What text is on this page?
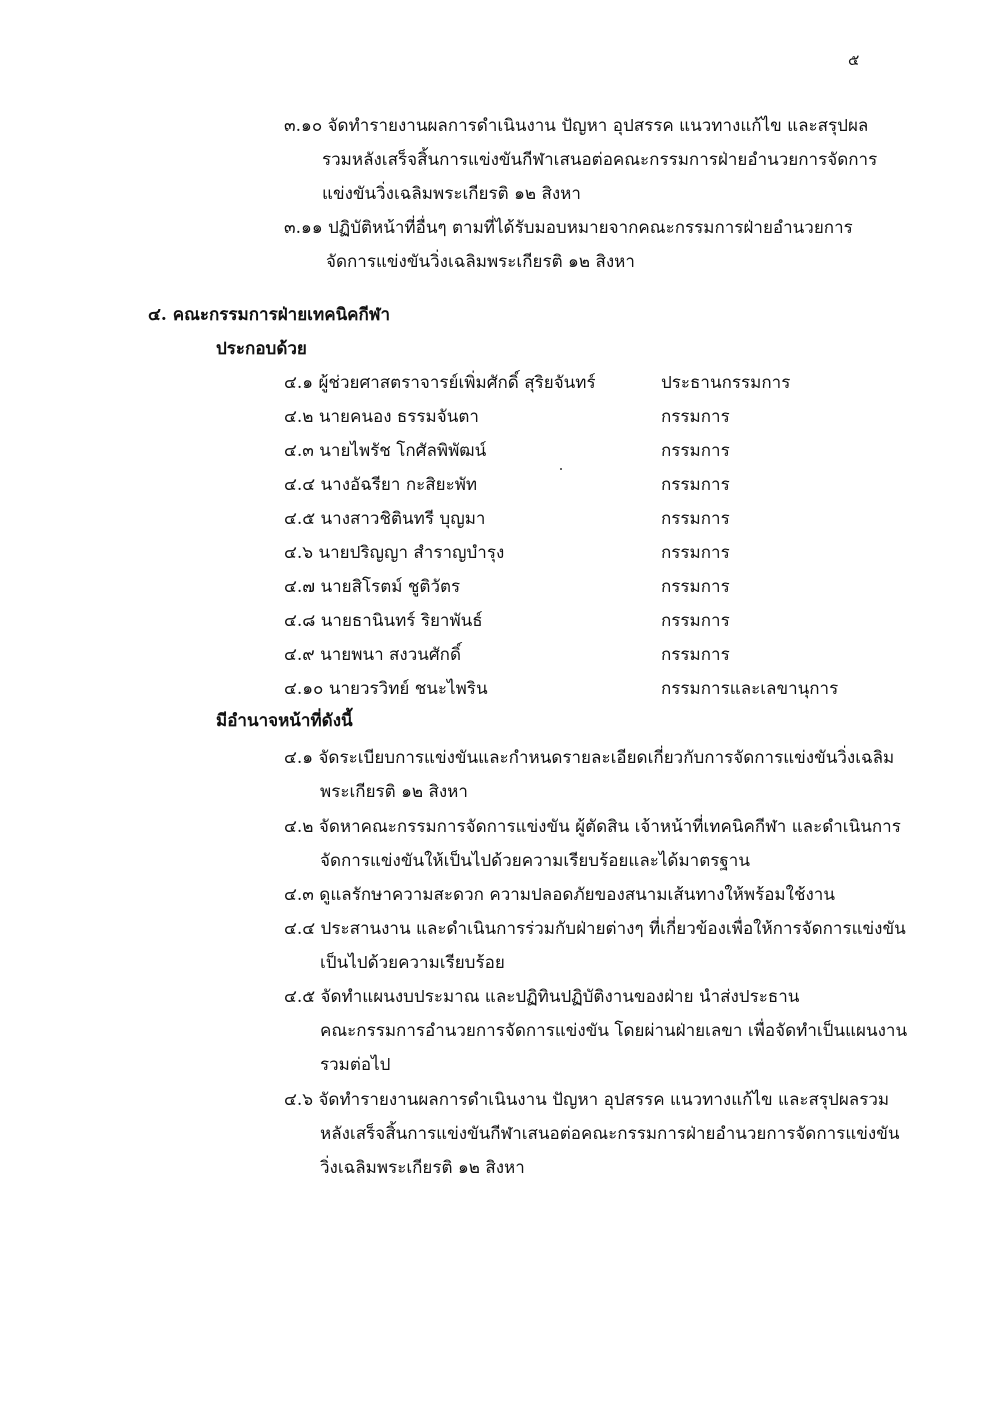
๕
๓.๑๐ จัดทำรายงานผลการดำเนินงาน ปัญหา อุปสรรค แนวทางแก้ไข และสรุปผล
รวมหลังเสร็จสิ้นการแข่งขันกีฬาเสนอต่อคณะกรรมการฝ่ายอำนวยการจัดการ
แข่งขันวิ่งเฉลิมพระเกียรติ ๑๒ สิงหา
๓.๑๑ ปฏิบัติหน้าที่อื่นๆ ตามที่ได้รับมอบหมายจากคณะกรรมการฝ่ายอำนวยการ
จัดการแข่งขันวิ่งเฉลิมพระเกียรติ ๑๒ สิงหา
๔. คณะกรรมการฝ่ายเทคนิคกีฬา
ประกอบด้วย
๔.๑ ผู้ช่วยศาสตราจารย์เพิ่มศักดิ์ สุริยจันทร์	ประธานกรรมการ
๔.๒ นายคนอง ธรรมจันตา	กรรมการ
๔.๓ นายไพรัช โกศัลพิพัฒน์	กรรมการ
๔.๔ นางอัฉรียา กะสิยะพัท	กรรมการ
๔.๕ นางสาวชิตินทรี บุญมา	กรรมการ
๔.๖ นายปริญญา สำราญบำรุง	กรรมการ
๔.๗ นายสิโรตม์ ชูติวัตร	กรรมการ
๔.๘ นายธานินทร์ ริยาพันธ์	กรรมการ
๔.๙ นายพนา สงวนศักดิ์	กรรมการ
๔.๑๐ นายวรวิทย์ ชนะไพริน	กรรมการและเลขานุการ
มีอำนาจหน้าที่ดังนี้
๔.๑ จัดระเบียบการแข่งขันและกำหนดรายละเอียดเกี่ยวกับการจัดการแข่งขันวิ่งเฉลิม
พระเกียรติ ๑๒ สิงหา
๔.๒ จัดหาคณะกรรมการจัดการแข่งขัน ผู้ตัดสิน เจ้าหน้าที่เทคนิคกีฬา และดำเนินการ
จัดการแข่งขันให้เป็นไปด้วยความเรียบร้อยและได้มาตรฐาน
๔.๓ ดูแลรักษาความสะดวก ความปลอดภัยของสนามเส้นทางให้พร้อมใช้งาน
๔.๔ ประสานงาน และดำเนินการร่วมกับฝ่ายต่างๆ ที่เกี่ยวข้องเพื่อให้การจัดการแข่งขัน
เป็นไปด้วยความเรียบร้อย
๔.๕ จัดทำแผนงบประมาณ และปฏิทินปฏิบัติงานของฝ่าย นำส่งประธาน
คณะกรรมการอำนวยการจัดการแข่งขัน โดยผ่านฝ่ายเลขา เพื่อจัดทำเป็นแผนงาน
รวมต่อไป
๔.๖ จัดทำรายงานผลการดำเนินงาน ปัญหา อุปสรรค แนวทางแก้ไข และสรุปผลรวม
หลังเสร็จสิ้นการแข่งขันกีฬาเสนอต่อคณะกรรมการฝ่ายอำนวยการจัดการแข่งขัน
วิ่งเฉลิมพระเกียรติ ๑๒ สิงหา
